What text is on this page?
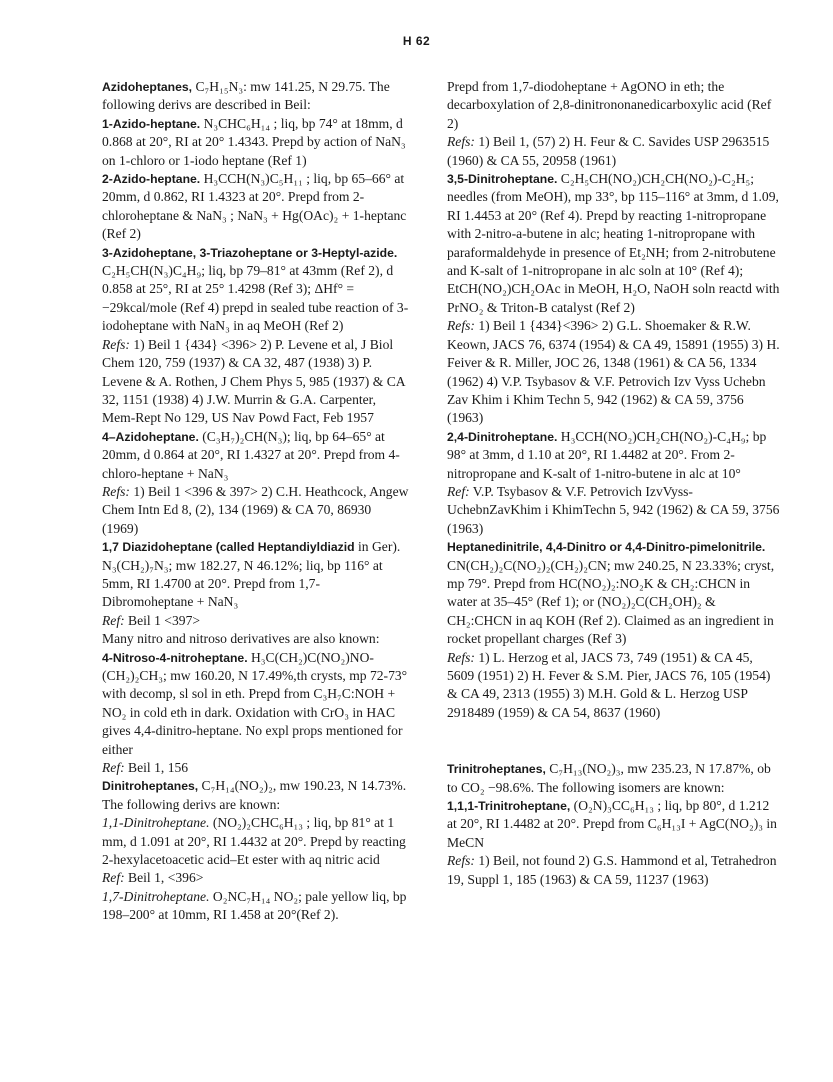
H 62

Azidoheptanes, C₇H₁₅N₃: mw 141.25, N 29.75. The following derivs are described in Beil:

1-Azido-heptane. N₃CHC₆H₁₄ ; liq, bp 74° at 18mm, d 0.868 at 20°, RI at 20° 1.4343. Prepd by action of NaN₃ on 1-chloro or 1-iodo heptane (Ref 1)

2-Azido-heptane. H₃CCH(N₃)C₅H₁₁ ; liq, bp 65–66° at 20mm, d 0.862, RI 1.4323 at 20°. Prepd from 2-chloroheptane & NaN₃ ; NaN₃ + Hg(OAc)₂ + 1-heptanc (Ref 2)

3-Azidoheptane, 3-Triazoheptane or 3-Heptyl-azide. C₂H₅CH(N₃)C₄H₉; liq, bp 79–81° at 43mm (Ref 2), d 0.858 at 25°, RI at 25° 1.4298 (Ref 3); ΔHf° = −29kcal/mole (Ref 4) prepd in sealed tube reaction of 3-iodoheptane with NaN₃ in aq MeOH (Ref 2)

Refs: 1) Beil 1 {434} <396> 2) P. Levene et al, J Biol Chem 120, 759 (1937) & CA 32, 487 (1938) 3) P. Levene & A. Rothen, J Chem Phys 5, 985 (1937) & CA 32, 1151 (1938) 4) J.W. Murrin & G.A. Carpenter, Mem-Rept No 129, US Nav Powd Fact, Feb 1957

4–Azidoheptane. (C₃H₇)₂CH(N₃); liq, bp 64–65° at 20mm, d 0.864 at 20°, RI 1.4327 at 20°. Prepd from 4-chloro-heptane + NaN₃

Refs: 1) Beil 1 <396 & 397> 2) C.H. Heathcock, Angew Chem Intn Ed 8, (2), 134 (1969) & CA 70, 86930 (1969)

1,7 Diazidoheptane (called Heptandiyldiazid in Ger). N₃(CH₂)₇N₃; mw 182.27, N 46.12%; liq, bp 116° at 5mm, RI 1.4700 at 20°. Prepd from 1,7-Dibromoheptane + NaN₃

Ref: Beil 1 <397>

Many nitro and nitroso derivatives are also known:

4-Nitroso-4-nitroheptane. H₃C(CH₂)C(NO₂)NO-(CH₂)₂CH₃; mw 160.20, N 17.49%,th crysts, mp 72-73° with decomp, sl sol in eth. Prepd from C₃H₇C:NOH + NO₂ in cold eth in dark. Oxidation with CrO₃ in HAC gives 4,4-dinitro-heptane. No expl props mentioned for either

Ref: Beil 1, 156

Dinitroheptanes, C₇H₁₄(NO₂)₂, mw 190.23, N 14.73%. The following derivs are known:

1,1-Dinitroheptane. (NO₂)₂CHC₆H₁₃ ; liq, bp 81° at 1 mm, d 1.091 at 20°, RI 1.4432 at 20°. Prepd by reacting 2-hexylacetoacetic acid–Et ester with aq nitric acid

Ref: Beil 1, <396>

1,7-Dinitroheptane. O₂NC₇H₁₄ NO₂; pale yellow liq, bp 198–200° at 10mm, RI 1.458 at 20°(Ref 2).

Prepd from 1,7-diodoheptane + AgONO in eth; the decarboxylation of 2,8-dinitrononanedicarboxylic acid (Ref 2)

Refs: 1) Beil 1, (57) 2) H. Feur & C. Savides USP 2963515 (1960) & CA 55, 20958 (1961)

3,5-Dinitroheptane. C₂H₅CH(NO₂)CH₂CH(NO₂)-C₂H₅; needles (from MeOH), mp 33°, bp 115–116° at 3mm, d 1.09, RI 1.4453 at 20° (Ref 4). Prepd by reacting 1-nitropropane with 2-nitro-a-butene in alc; heating 1-nitropropane with paraformaldehyde in presence of Et₂NH; from 2-nitrobutene and K-salt of 1-nitropropane in alc soln at 10° (Ref 4); EtCH(NO₂)CH₂OAc in MeOH, H₂O, NaOH soln reactd with PrNO₂ & Triton-B catalyst (Ref 2)

Refs: 1) Beil 1 {434}<396> 2) G.L. Shoemaker & R.W. Keown, JACS 76, 6374 (1954) & CA 49, 15891 (1955) 3) H. Feiver & R. Miller, JOC 26, 1348 (1961) & CA 56, 1334 (1962) 4) V.P. Tsybasov & V.F. Petrovich Izv Vyss Uchebn Zav Khim i Khim Techn 5, 942 (1962) & CA 59, 3756 (1963)

2,4-Dinitroheptane. H₃CCH(NO₂)CH₂CH(NO₂)-C₄H₉; bp 98° at 3mm, d 1.10 at 20°, RI 1.4482 at 20°. From 2-nitropropane and K-salt of 1-nitro-butene in alc at 10°

Ref: V.P. Tsybasov & V.F. Petrovich IzvVyss-UchebnZavKhim i KhimTechn 5, 942 (1962) & CA 59, 3756 (1963)

Heptanedinitrile, 4,4-Dinitro or 4,4-Dinitro-pimelonitrile. CN(CH₂)₂C(NO₂)₂(CH₂)₂CN; mw 240.25, N 23.33%; cryst, mp 79°. Prepd from HC(NO₂)₂:NO₂K & CH₂:CHCN in water at 35–45° (Ref 1); or (NO₂)₂C(CH₂OH)₂ & CH₂:CHCN in aq KOH (Ref 2). Claimed as an ingredient in rocket propellant charges (Ref 3)

Refs: 1) L. Herzog et al, JACS 73, 749 (1951) & CA 45, 5609 (1951) 2) H. Fever & S.M. Pier, JACS 76, 105 (1954) & CA 49, 2313 (1955) 3) M.H. Gold & L. Herzog USP 2918489 (1959) & CA 54, 8637 (1960)

Trinitroheptanes, C₇H₁₃(NO₂)₃, mw 235.23, N 17.87%, ob to CO₂ −98.6%. The following isomers are known:

1,1,1-Trinitroheptane, (O₂N)₃CC₆H₁₃ ; liq, bp 80°, d 1.212 at 20°, RI 1.4482 at 20°. Prepd from C₆H₁₃I + AgC(NO₂)₃ in MeCN

Refs: 1) Beil, not found 2) G.S. Hammond et al, Tetrahedron 19, Suppl 1, 185 (1963) & CA 59, 11237 (1963)
